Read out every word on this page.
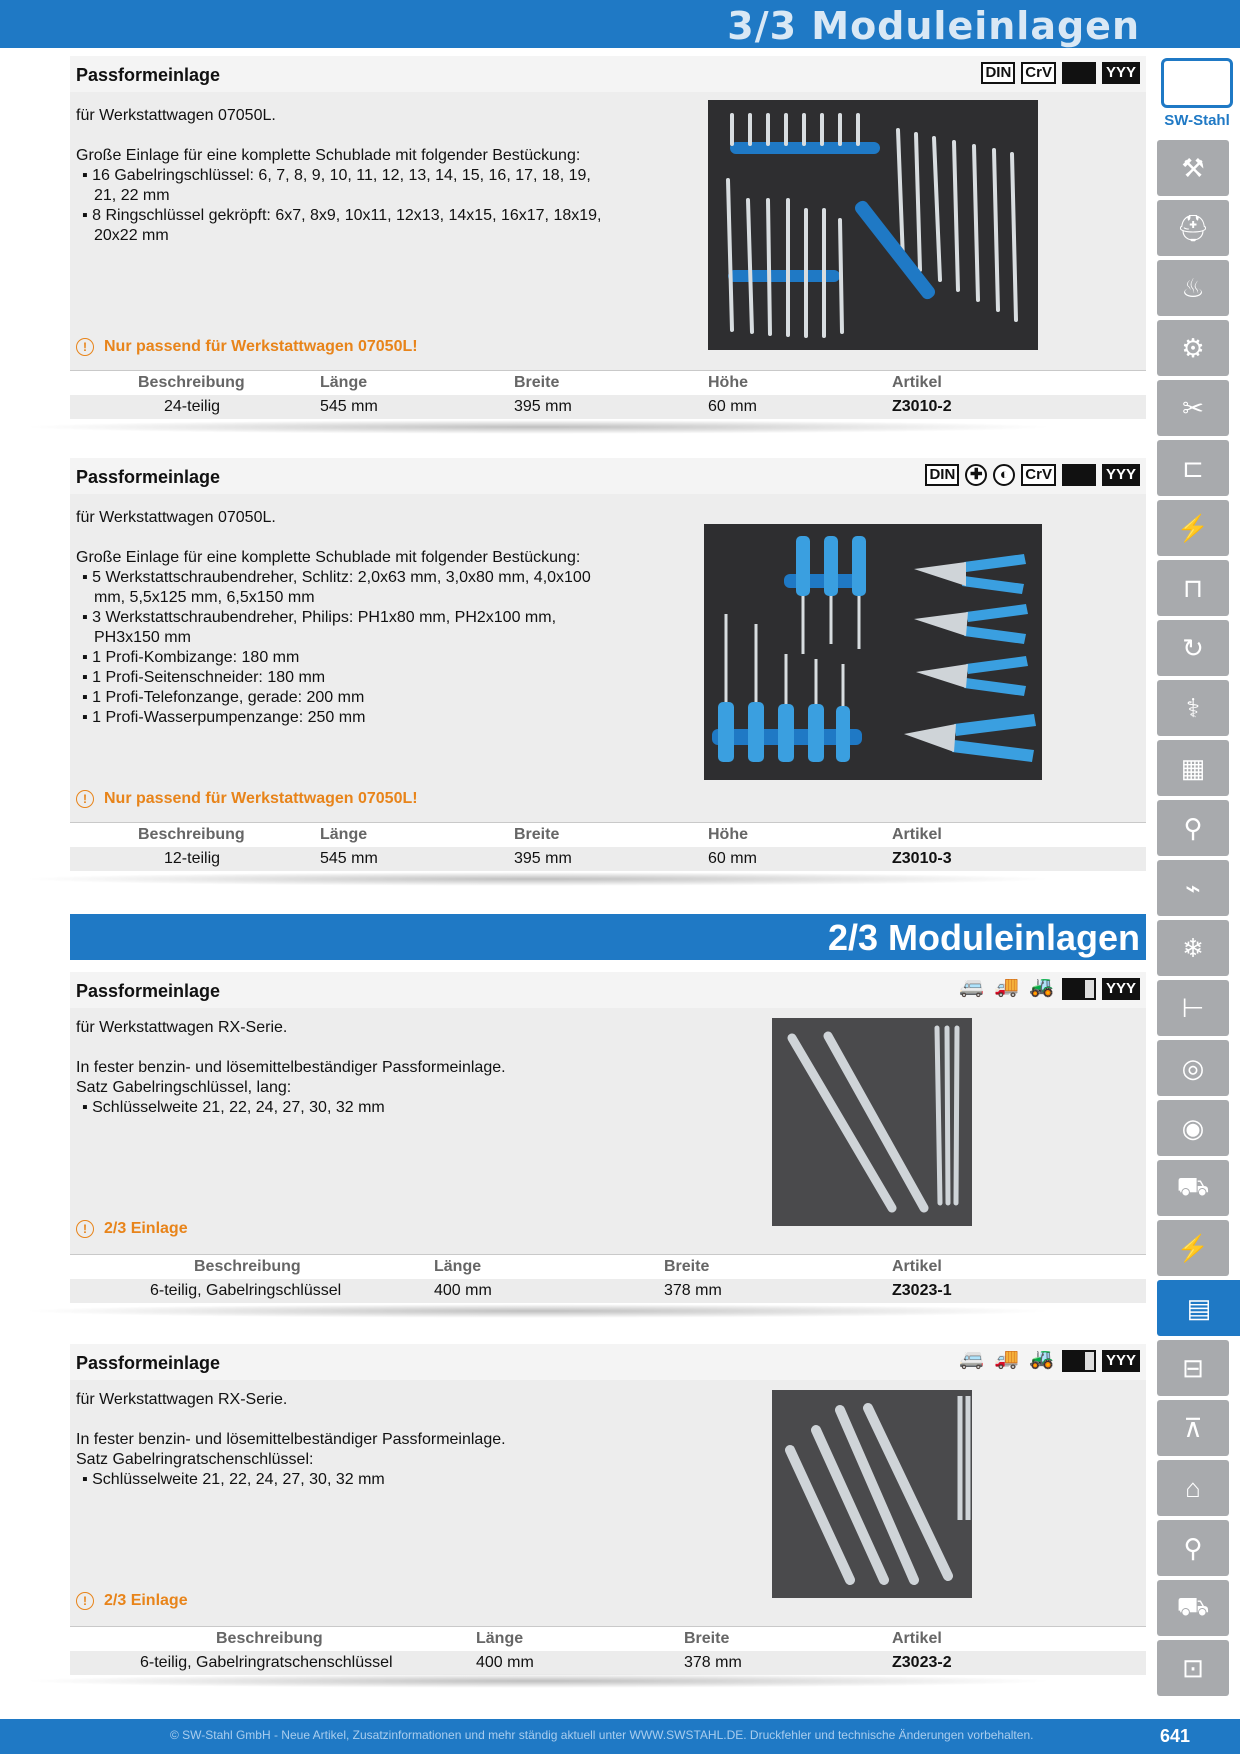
3/3 Moduleinlagen
SW-Stahl
⚒
⛑
♨
⚙
✂
⊏
⚡
⊓
↻
⚕
▦
⚲
⌁
❄
⊢
◎
◉
⛟
⚡
▤
⊟
⊼
⌂
⚲
⛟
⊡
Passformeinlage	DIN CrV	YYY

für Werkstattwagen 07050L.

Große Einlage für eine komplette Schublade mit folgender Bestückung:

▪ 16 Gabelringschlüssel: 6, 7, 8, 9, 10, 11, 12, 13, 14, 15, 16, 17, 18, 19, 21, 22 mm

▪ 8 Ringschlüssel gekröpft: 6x7, 8x9, 10x11, 12x13, 14x15, 16x17, 18x19, 20x22 mm

! Nur passend für Werkstattwagen 07050L!
Beschreibung	Länge	Breite	Höhe	Artikel
24-teilig	545 mm	395 mm	60 mm	Z3010-2
Passformeinlage	DIN ✚	◐	CrV	YYY

für Werkstattwagen 07050L.

Große Einlage für eine komplette Schublade mit folgender Bestückung:

▪ 5 Werkstattschraubendreher, Schlitz: 2,0x63 mm, 3,0x80 mm, 4,0x100 mm, 5,5x125 mm, 6,5x150 mm

▪ 3 Werkstattschraubendreher, Philips: PH1x80 mm, PH2x100 mm, PH3x150 mm

▪ 1 Profi-Kombizange: 180 mm

▪ 1 Profi-Seitenschneider: 180 mm

▪ 1 Profi-Telefonzange, gerade: 200 mm

▪ 1 Profi-Wasserpumpenzange: 250 mm

! Nur passend für Werkstattwagen 07050L!
Beschreibung	Länge	Breite	Höhe	Artikel
12-teilig	545 mm	395 mm	60 mm	Z3010-3
2/3 Moduleinlagen
Passformeinlage	🚐 🚚 🚜	YYY

für Werkstattwagen RX-Serie.

In fester benzin- und lösemittelbeständiger Passformeinlage.

Satz Gabelringschlüssel, lang:

▪ Schlüsselweite 21, 22, 24, 27, 30, 32 mm

! 2/3 Einlage
Beschreibung	Länge	Breite	Artikel
6-teilig, Gabelringschlüssel	400 mm	378 mm	Z3023-1
Passformeinlage	🚐 🚚 🚜	YYY

für Werkstattwagen RX-Serie.

In fester benzin- und lösemittelbeständiger Passformeinlage.

Satz Gabelringratschenschlüssel:

▪ Schlüsselweite 21, 22, 24, 27, 30, 32 mm

! 2/3 Einlage
Beschreibung	Länge	Breite	Artikel
6-teilig, Gabelringratschenschlüssel	400 mm	378 mm	Z3023-2
© SW-Stahl GmbH - Neue Artikel, Zusatzinformationen und mehr ständig aktuell unter WWW.SWSTAHL.DE. Druckfehler und technische Änderungen vorbehalten.	641
